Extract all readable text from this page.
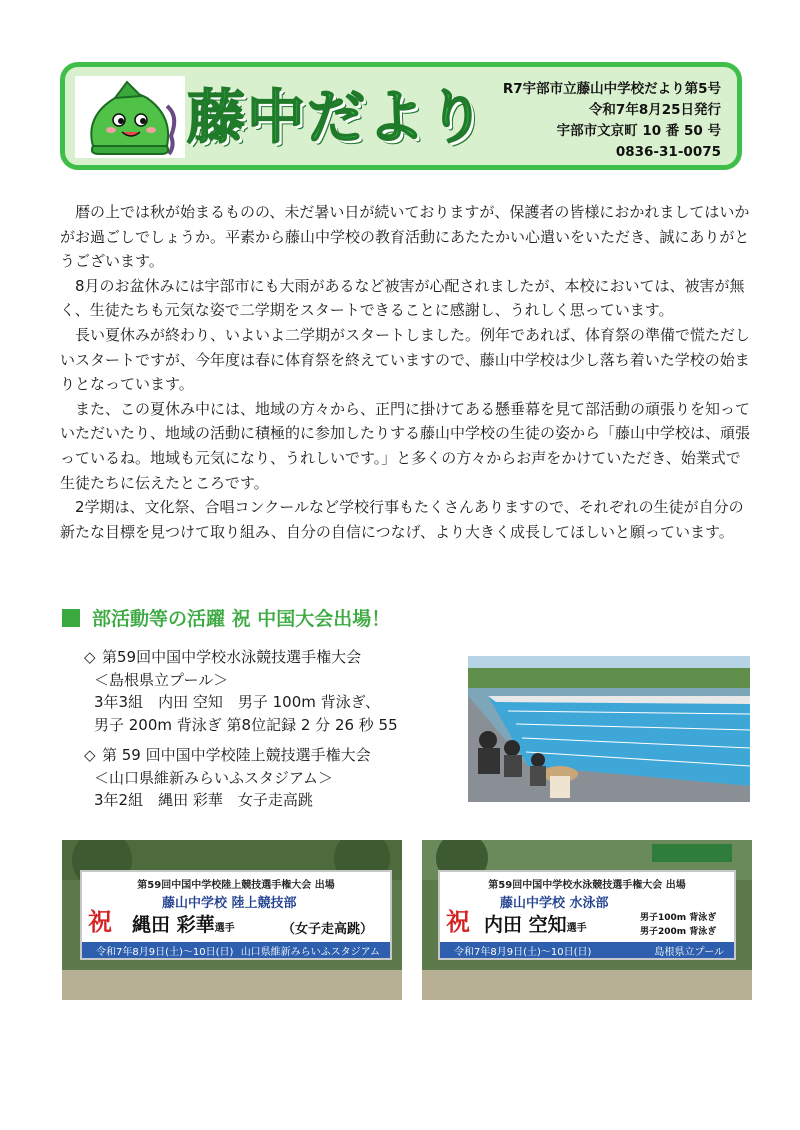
藤中だより	R7宇部市立藤山中学校だより第5号
令和7年8月25日発行
宇部市文京町 10 番 50 号
0836-31-0075

暦の上では秋が始まるものの、未だ暑い日が続いておりますが、保護者の皆様におかれましてはいかがお過ごしでしょうか。平素から藤山中学校の教育活動にあたたかい心遣いをいただき、誠にありがとうございます。

8月のお盆休みには宇部市にも大雨があるなど被害が心配されましたが、本校においては、被害が無く、生徒たちも元気な姿で二学期をスタートできることに感謝し、うれしく思っています。

長い夏休みが終わり、いよいよ二学期がスタートしました。例年であれば、体育祭の準備で慌ただしいスタートですが、今年度は春に体育祭を終えていますので、藤山中学校は少し落ち着いた学校の始まりとなっています。

また、この夏休み中には、地域の方々から、正門に掛けてある懸垂幕を見て部活動の頑張りを知っていただいたり、地域の活動に積極的に参加したりする藤山中学校の生徒の姿から「藤山中学校は、頑張っているね。地域も元気になり、うれしいです。」と多くの方々からお声をかけていただき、始業式で生徒たちに伝えたところです。

2学期は、文化祭、合唱コンクールなど学校行事もたくさんありますので、それぞれの生徒が自分の新たな目標を見つけて取り組み、自分の自信につなげ、より大きく成長してほしいと願っています。

部活動等の活躍 祝 中国大会出場！
◇ 第59回中国中学校水泳競技選手権大会
＜島根県立プール＞
3年3組　内田 空知　男子 100m 背泳ぎ、
男子 200m 背泳ぎ 第8位記録 2 分 26 秒 55
◇ 第 59 回中国中学校陸上競技選手権大会
＜山口県維新みらいふスタジアム＞
3年2組　縄田 彩華　女子走高跳
第59回中国中学校陸上競技選手権大会 出場
祝
藤山中学校 陸上競技部
縄田 彩華選手	（女子走高跳）
令和7年8月9日(土)〜10日(日) 山口県維新みらいふスタジアム
第59回中国中学校水泳競技選手権大会 出場
祝
藤山中学校 水泳部
内田 空知選手
男子100m 背泳ぎ
男子200m 背泳ぎ
令和7年8月9日(土)〜10日(日)	島根県立プール
